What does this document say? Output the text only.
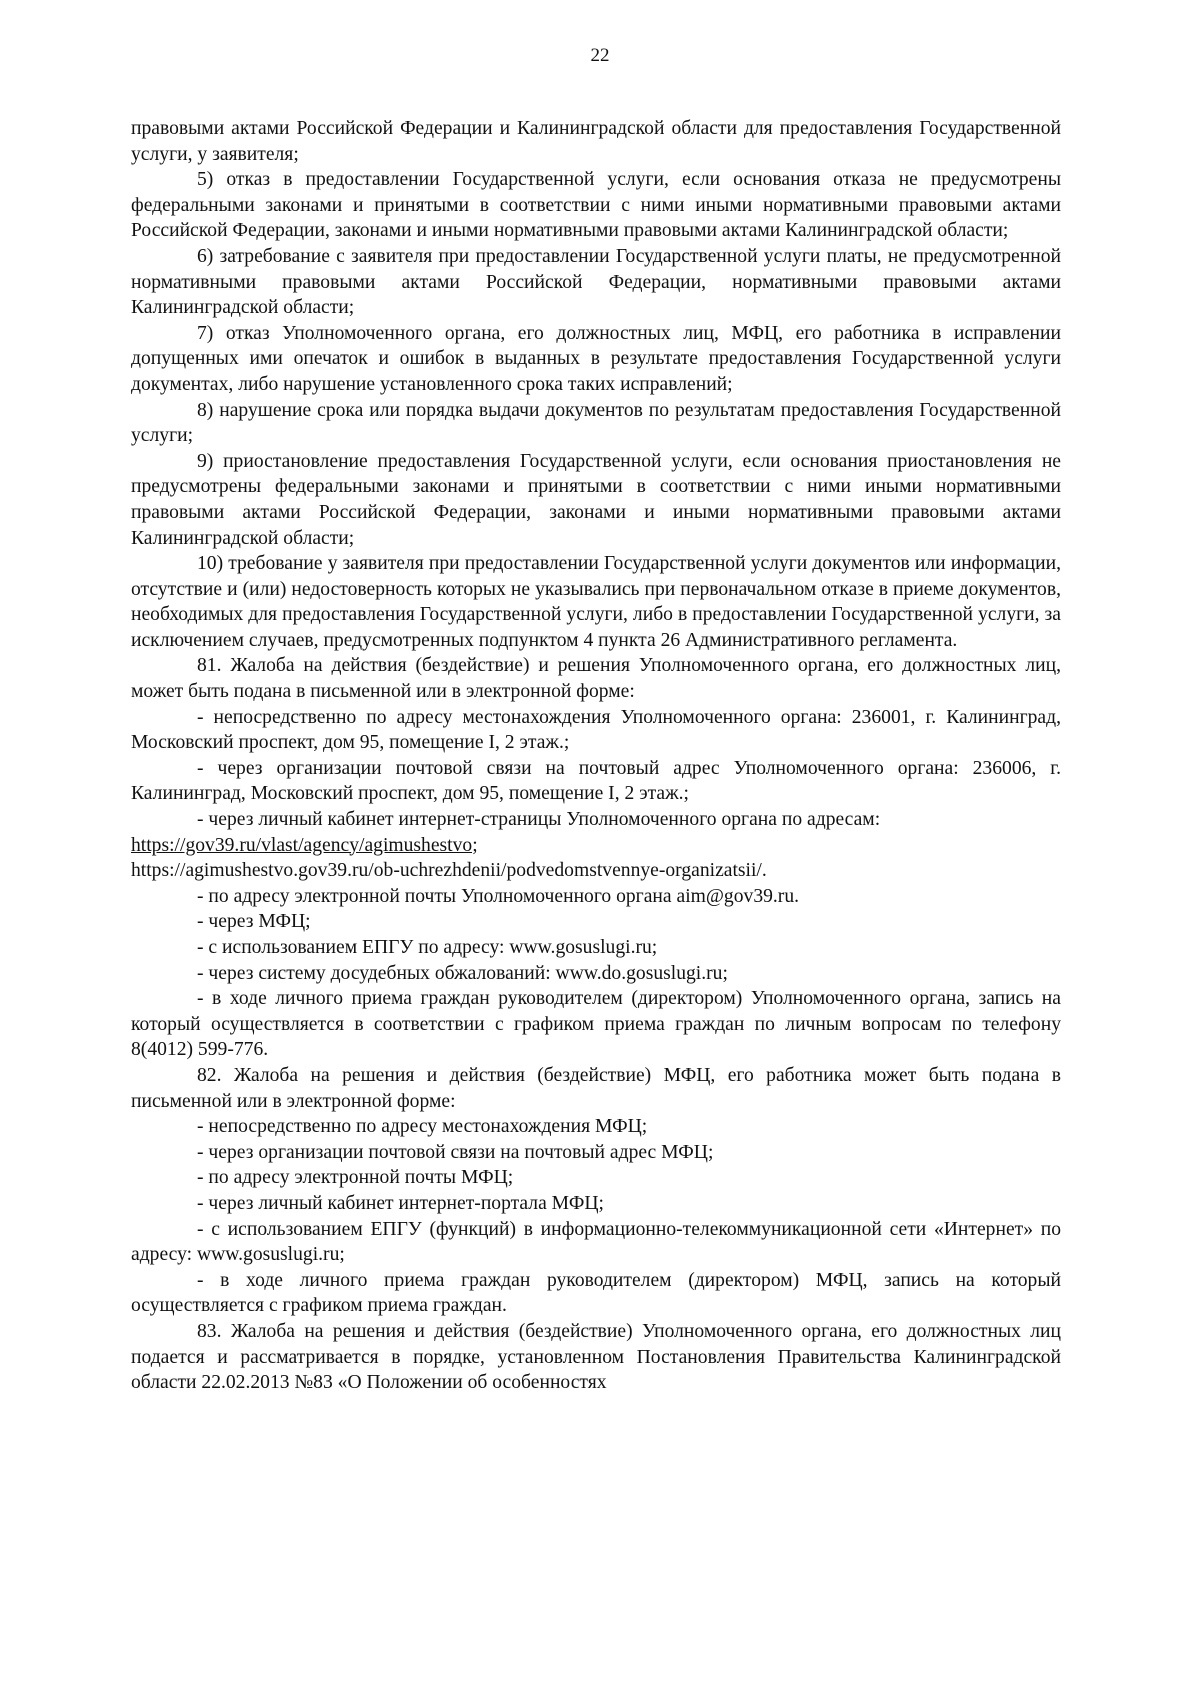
22

правовыми актами Российской Федерации и Калининградской области для предоставления Государственной услуги, у заявителя;

5) отказ в предоставлении Государственной услуги, если основания отказа не предусмотрены федеральными законами и принятыми в соответствии с ними иными нормативными правовыми актами Российской Федерации, законами и иными нормативными правовыми актами Калининградской области;

6) затребование с заявителя при предоставлении Государственной услуги платы, не предусмотренной нормативными правовыми актами Российской Федерации, нормативными правовыми актами Калининградской области;

7) отказ Уполномоченного органа, его должностных лиц, МФЦ, его работника в исправлении допущенных ими опечаток и ошибок в выданных в результате предоставления Государственной услуги документах, либо нарушение установленного срока таких исправлений;

8) нарушение срока или порядка выдачи документов по результатам предоставления Государственной услуги;

9) приостановление предоставления Государственной услуги, если основания приостановления не предусмотрены федеральными законами и принятыми в соответствии с ними иными нормативными правовыми актами Российской Федерации, законами и иными нормативными правовыми актами Калининградской области;

10) требование у заявителя при предоставлении Государственной услуги документов или информации, отсутствие и (или) недостоверность которых не указывались при первоначальном отказе в приеме документов, необходимых для предоставления Государственной услуги, либо в предоставлении Государственной услуги, за исключением случаев, предусмотренных подпунктом 4 пункта 26 Административного регламента.

81. Жалоба на действия (бездействие) и решения Уполномоченного органа, его должностных лиц, может быть подана в письменной или в электронной форме:

- непосредственно по адресу местонахождения Уполномоченного органа: 236001, г. Калининград, Московский проспект, дом 95, помещение I, 2 этаж.;

- через организации почтовой связи на почтовый адрес Уполномоченного органа: 236006, г. Калининград, Московский проспект, дом 95, помещение I, 2 этаж.;

- через личный кабинет интернет-страницы Уполномоченного органа по адресам:

https://gov39.ru/vlast/agency/agimushestvo;

https://agimushestvo.gov39.ru/ob-uchrezhdenii/podvedomstvennye-organizatsii/.

- по адресу электронной почты Уполномоченного органа aim@gov39.ru.

- через МФЦ;

- с использованием ЕПГУ по адресу: www.gosuslugi.ru;

- через систему досудебных обжалований: www.do.gosuslugi.ru;

- в ходе личного приема граждан руководителем (директором) Уполномоченного органа, запись на который осуществляется в соответствии с графиком приема граждан по личным вопросам по телефону 8(4012) 599-776.

82. Жалоба на решения и действия (бездействие) МФЦ, его работника может быть подана в письменной или в электронной форме:

- непосредственно по адресу местонахождения МФЦ;

- через организации почтовой связи на почтовый адрес МФЦ;

- по адресу электронной почты МФЦ;

- через личный кабинет интернет-портала МФЦ;

- с использованием ЕПГУ (функций) в информационно-телекоммуникационной сети «Интернет» по адресу: www.gosuslugi.ru;

- в ходе личного приема граждан руководителем (директором) МФЦ, запись на который осуществляется с графиком приема граждан.

83. Жалоба на решения и действия (бездействие) Уполномоченного органа, его должностных лиц подается и рассматривается в порядке, установленном Постановления Правительства Калининградской области 22.02.2013 №83 «О Положении об особенностях
